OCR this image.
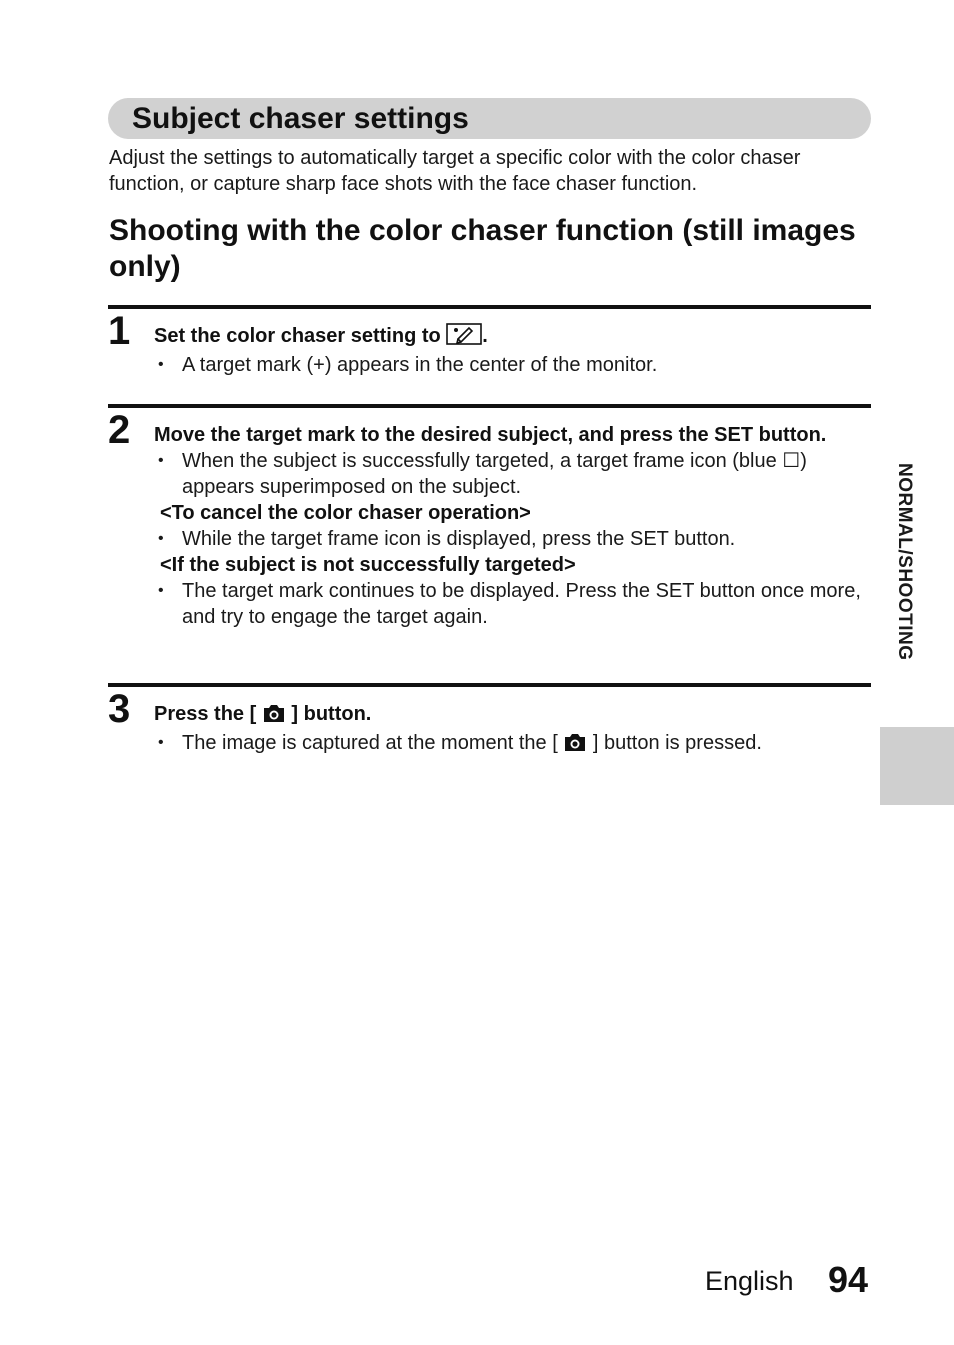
Subject chaser settings

Adjust the settings to automatically target a specific color with the color chaser function, or capture sharp face shots with the face chaser function.

Shooting with the color chaser function (still images only)
1 Set the color chaser setting to .
• A target mark (+) appears in the center of the monitor.
2 Move the target mark to the desired subject, and press the SET button.
• When the subject is successfully targeted, a target frame icon (blue ☐) appears superimposed on the subject.
<To cancel the color chaser operation>
• While the target frame icon is displayed, press the SET button.
<If the subject is not successfully targeted>
• The target mark continues to be displayed. Press the SET button once more, and try to engage the target again.
3 Press the [ ] button.
• The image is captured at the moment the [ ] button is pressed.
NORMAL/SHOOTING
English 94
